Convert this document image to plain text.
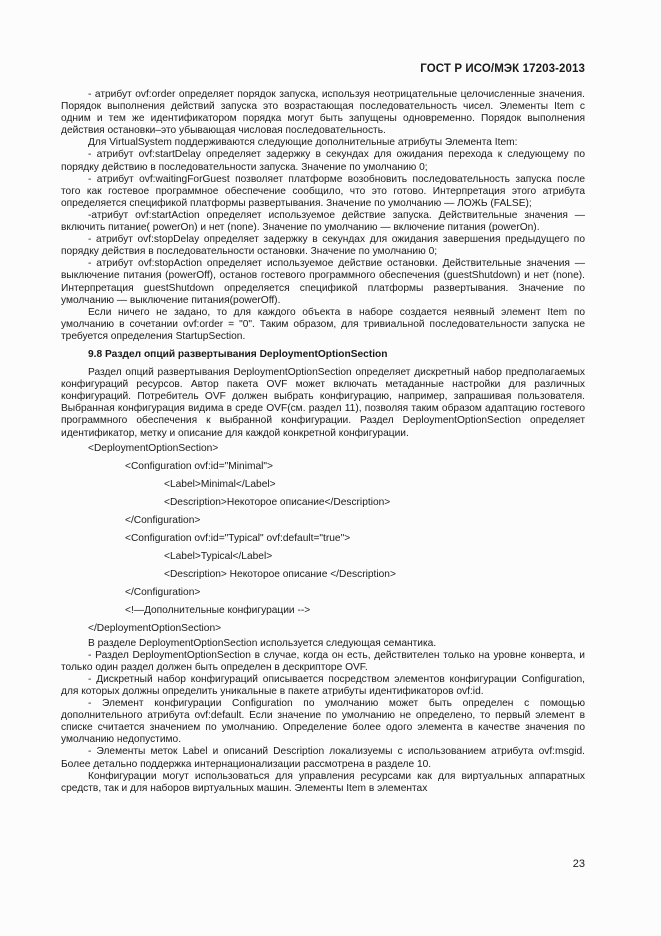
ГОСТ Р ИСО/МЭК 17203-2013

- атрибут ovf:order определяет порядок запуска, используя неотрицательные целочисленные значения. Порядок выполнения действий запуска это возрастающая последовательность чисел. Элементы Item с одним и тем же идентификатором порядка могут быть запущены одновременно. Порядок выполнения действия остановки–это убывающая числовая последовательность.

Для VirtualSystem поддерживаются следующие дополнительные атрибуты Элемента Item:

- атрибут ovf:startDelay определяет задержку в секундах для ожидания перехода к следующему по порядку действию в последовательности запуска. Значение по умолчанию 0;

- атрибут ovf:waitingForGuest позволяет платформе возобновить последовательность запуска после того как гостевое программное обеспечение сообщило, что это готово. Интерпретация этого атрибута определяется спецификой платформы развертывания. Значение по умолчанию — ЛОЖЬ (FALSE);

-атрибут ovf:startAction определяет используемое действие запуска. Действительные значения — включить питание( powerOn) и нет (none). Значение по умолчанию — включение питания (powerOn).

- атрибут ovf:stopDelay определяет задержку в секундах для ожидания завершения предыдущего по порядку действия в последовательности остановки. Значение по умолчанию 0;

- атрибут ovf:stopAction определяет используемое действие остановки. Действительные значения — выключение питания (powerOff), останов гостевого программного обеспечения (guestShutdown) и нет (none). Интерпретация guestShutdown определяется спецификой платформы развертывания. Значение по умолчанию — выключение питания(powerOff).

Если ничего не задано, то для каждого объекта в наборе создается неявный элемент Item по умолчанию в сочетании ovf:order = "0". Таким образом, для тривиальной последовательности запуска не требуется определения StartupSection.

9.8 Раздел опций развертывания DeploymentOptionSection

Раздел опций развертывания DeploymentOptionSection определяет дискретный набор предполагаемых конфигураций ресурсов. Автор пакета OVF может включать метаданные настройки для различных конфигураций. Потребитель OVF должен выбрать конфигурацию, например, запрашивая пользователя. Выбранная конфигурация видима в среде OVF(см. раздел 11), позволяя таким образом адаптацию гостевого программного обеспечения к выбранной конфигурации. Раздел DeploymentOptionSection определяет идентификатор, метку и описание для каждой конкретной конфигурации.

<DeploymentOptionSection>
<Configuration ovf:id="Minimal">
<Label>Minimal</Label>
<Description>Некоторое описание</Description>
</Configuration>
<Configuration ovf:id="Typical" ovf:default="true">
<Label>Typical</Label>
<Description> Некоторое описание </Description>
</Configuration>
<!—Дополнительные конфигурации -->
</DeploymentOptionSection>

В разделе DeploymentOptionSection используется следующая семантика.

- Раздел DeploymentOptionSection в случае, когда он есть, действителен только на уровне конверта, и только один раздел должен быть определен в дескрипторе OVF.

- Дискретный набор конфигураций описывается посредством элементов конфигурации Configuration, для которых должны определить уникальные в пакете атрибуты идентификаторов ovf:id.

- Элемент конфигурации Configuration по умолчанию может быть определен с помощью дополнительного атрибута ovf:default. Если значение по умолчанию не определено, то первый элемент в списке считается значением по умолчанию. Определение более одого элемента в качестве значения по умолчанию недопустимо.

- Элементы меток Label и описаний Description локализуемы с использованием атрибута ovf:msgid. Более детально поддержка интернационализации рассмотрена в разделе 10.

Конфигурации могут использоваться для управления ресурсами как для виртуальных аппаратных средств, так и для наборов виртуальных машин. Элементы Item в элементах

23
